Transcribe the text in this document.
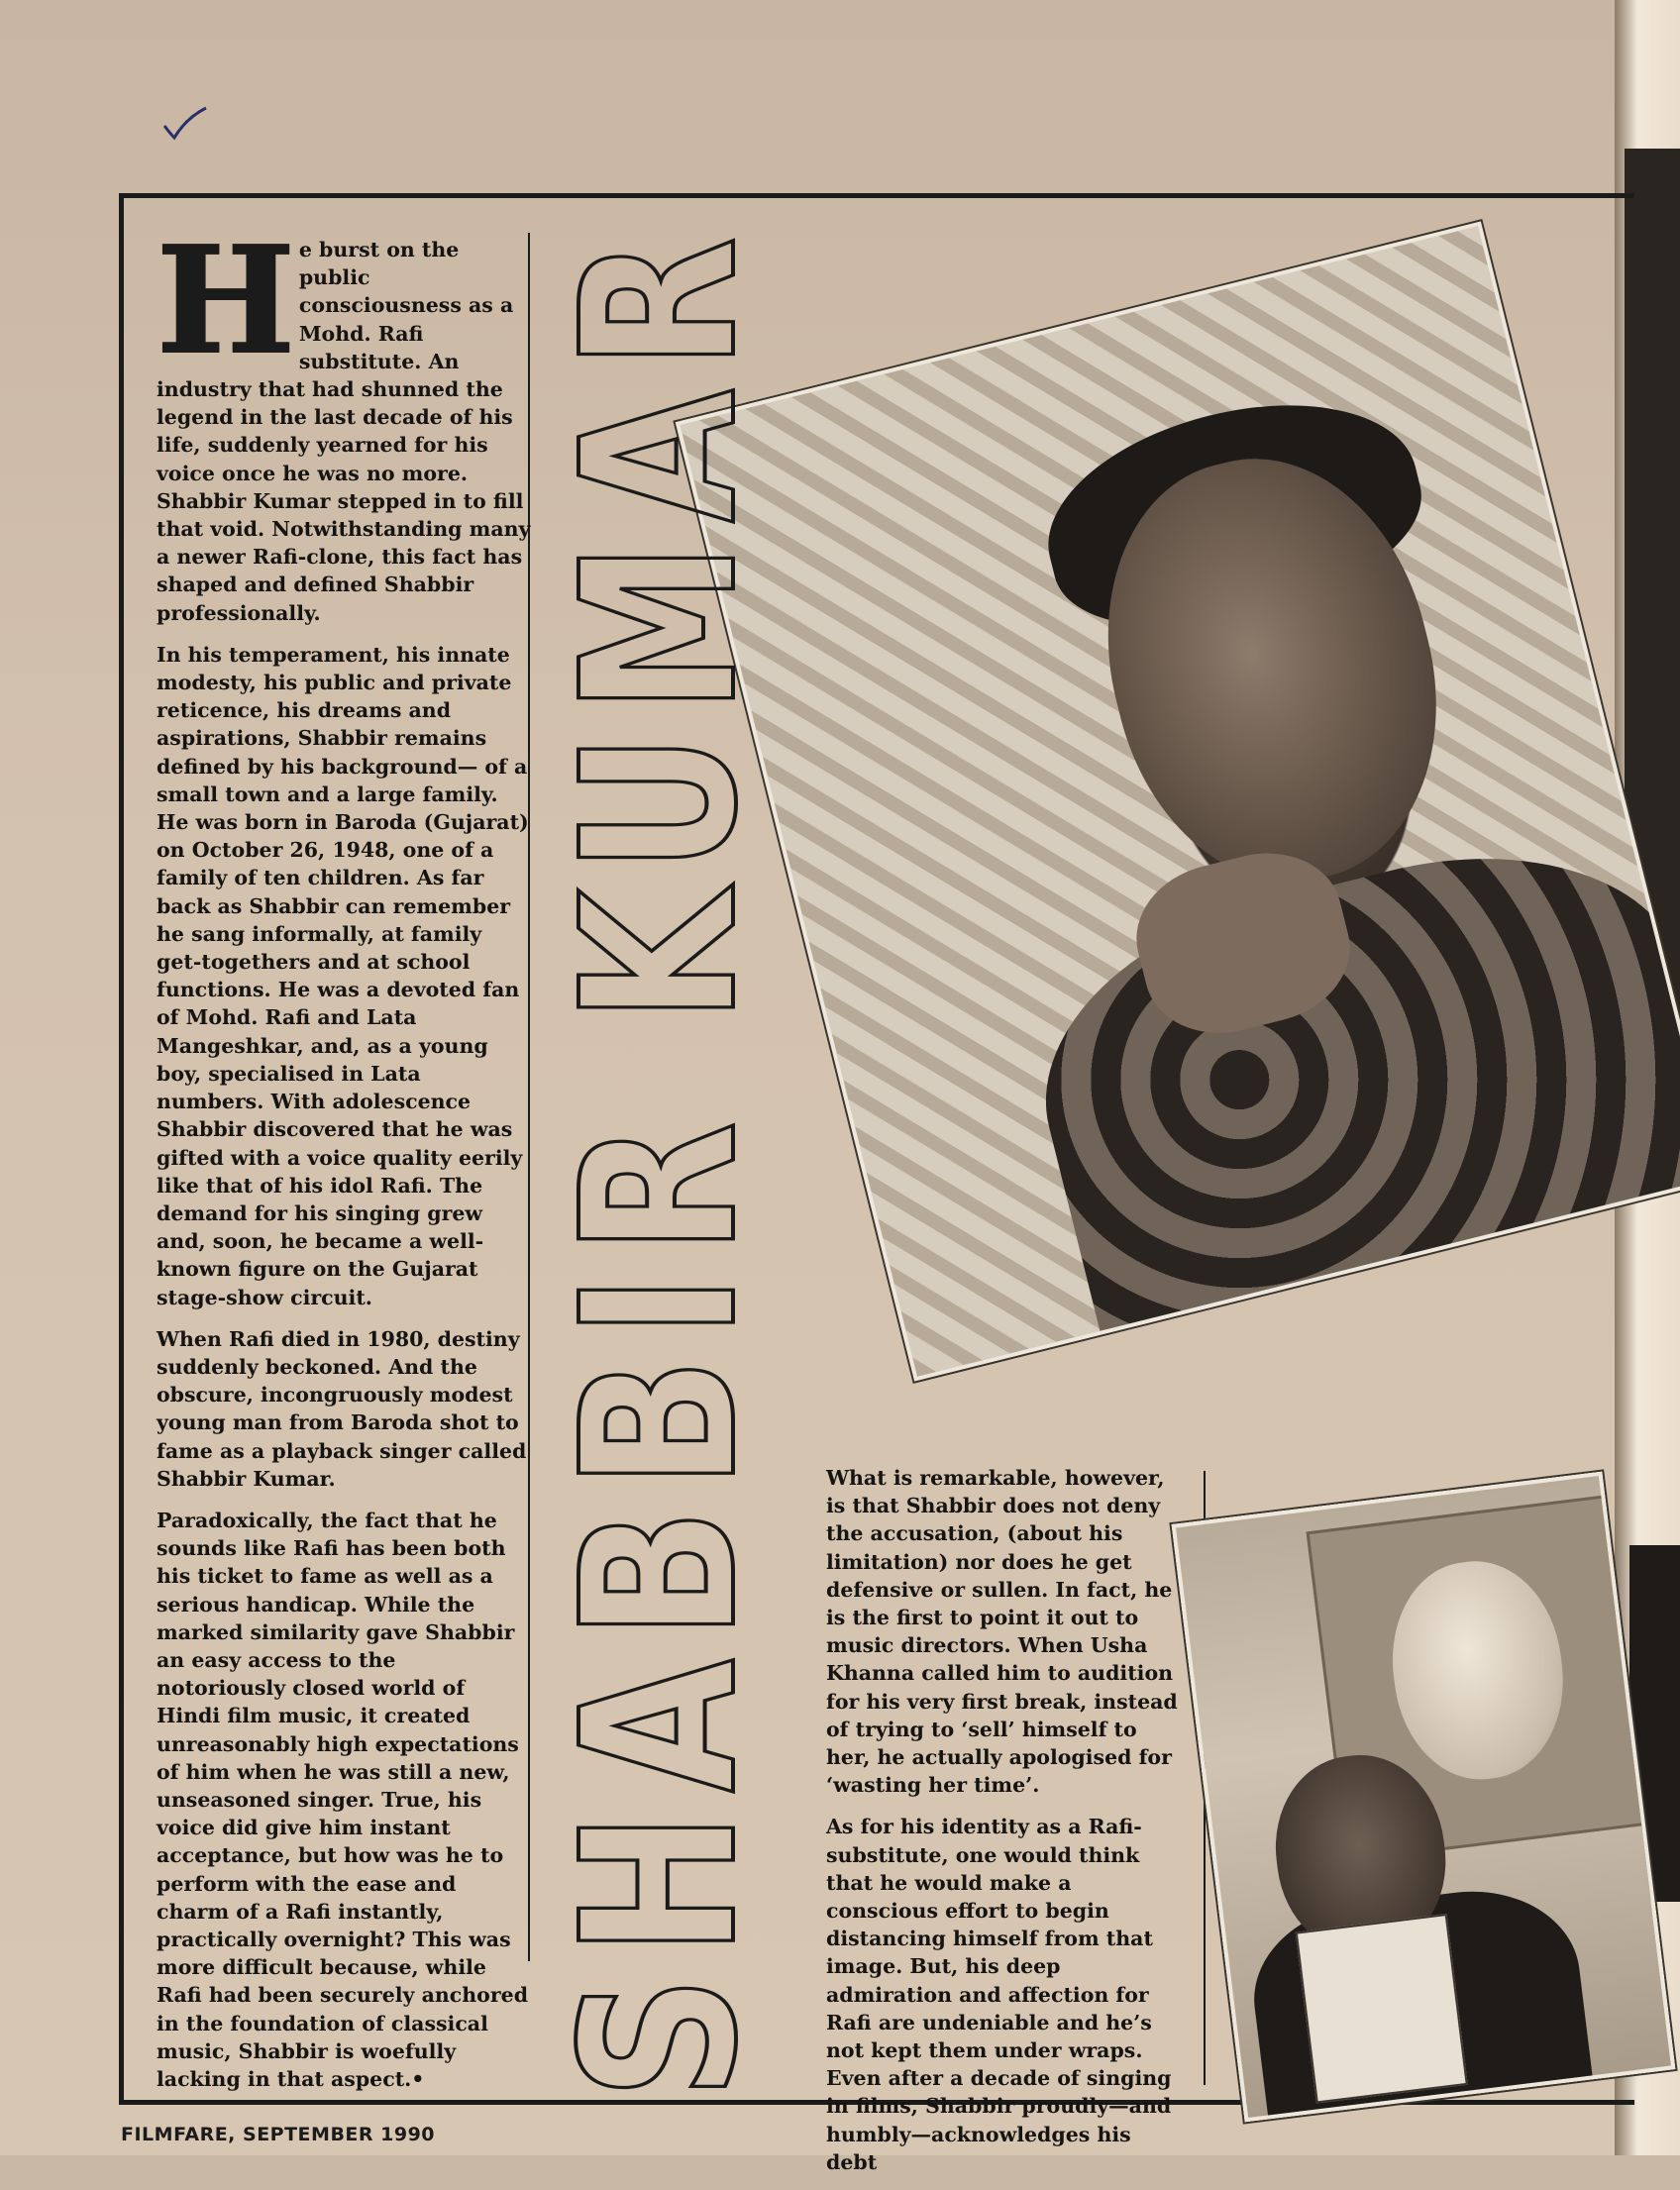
SHABBIR KUMAR

He burst on the public consciousness as a Mohd. Rafi substitute. An industry that had shunned the legend in the last decade of his life, suddenly yearned for his voice once he was no more. Shabbir Kumar stepped in to fill that void. Notwithstanding many a newer Rafi-clone, this fact has shaped and defined Shabbir professionally.

In his temperament, his innate modesty, his public and private reticence, his dreams and aspirations, Shabbir remains defined by his background— of a small town and a large family. He was born in Baroda (Gujarat) on October 26, 1948, one of a family of ten children. As far back as Shabbir can remember he sang informally, at family get-togethers and at school functions. He was a devoted fan of Mohd. Rafi and Lata Mangeshkar, and, as a young boy, specialised in Lata numbers. With adolescence Shabbir discovered that he was gifted with a voice quality eerily like that of his idol Rafi. The demand for his singing grew and, soon, he became a well-known figure on the Gujarat stage-show circuit.

When Rafi died in 1980, destiny suddenly beckoned. And the obscure, incongruously modest young man from Baroda shot to fame as a playback singer called Shabbir Kumar.

Paradoxically, the fact that he sounds like Rafi has been both his ticket to fame as well as a serious handicap. While the marked similarity gave Shabbir an easy access to the notoriously closed world of Hindi film music, it created unreasonably high expectations of him when he was still a new, unseasoned singer. True, his voice did give him instant acceptance, but how was he to perform with the ease and charm of a Rafi instantly, practically overnight? This was more difficult because, while Rafi had been securely anchored in the foundation of classical music, Shabbir is woefully lacking in that aspect.•

What is remarkable, however, is that Shabbir does not deny the accusation, (about his limitation) nor does he get defensive or sullen. In fact, he is the first to point it out to music directors. When Usha Khanna called him to audition for his very first break, instead of trying to ‘sell’ himself to her, he actually apologised for ‘wasting her time’.

As for his identity as a Rafi-substitute, one would think that he would make a conscious effort to begin distancing himself from that image. But, his deep admiration and affection for Rafi are undeniable and he’s not kept them under wraps. Even after a decade of singing in films, Shabbir proudly—and humbly—acknowledges his debt

FILMFARE, SEPTEMBER 1990
